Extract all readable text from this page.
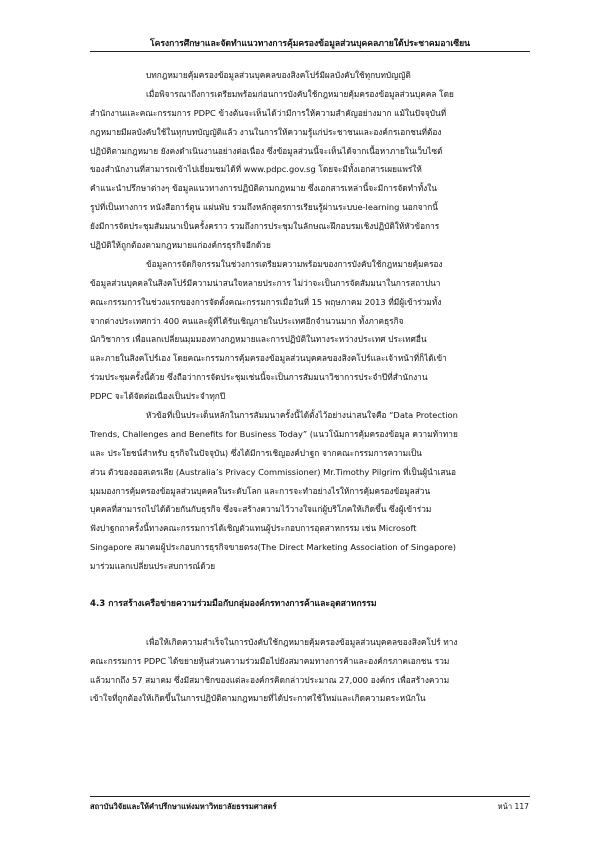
โครงการศึกษาและจัดทำแนวทางการคุ้มครองข้อมูลส่วนบุคคลภายใต้ประชาคมอาเซียน
บทกฎหมายคุ้มครองข้อมูลส่วนบุคคลของสิงคโปร์มีผลบังคับใช้ทุกบทบัญญัติ
เมื่อพิจารณาถึงการเตรียมพร้อมก่อนการบังคับใช้กฎหมายคุ้มครองข้อมูลส่วนบุคคล โดย
สำนักงานและคณะกรรมการ PDPC ข้างต้นจะเห็นได้ว่ามีการให้ความสำคัญอย่างมาก แม้ในปัจจุบันที่
กฎหมายมีผลบังคับใช้ในทุกบทบัญญัติแล้ว งานในการให้ความรู้แก่ประชาชนและองค์กรเอกชนที่ต้อง
ปฏิบัติตามกฎหมาย ยังคงดำเนินงานอย่างต่อเนื่อง ซึ่งข้อมูลส่วนนี้จะเห็นได้จากเนื้อหาภายในเว็บไซต์
ของสำนักงานที่สามารถเข้าไปเยี่ยมชมได้ที่ www.pdpc.gov.sg โดยจะมีทั้งเอกสารเผยแพร่ให้
คำแนะนำปรึกษาต่างๆ ข้อมูลแนวทางการปฏิบัติตามกฎหมาย ซึ่งเอกสารเหล่านี้จะมีการจัดทำทั้งใน
รูปที่เป็นทางการ หนังสือการ์ตูน แผ่นพับ รวมถึงหลักสูตรการเรียนรู้ผ่านระบบe-learning นอกจากนี้
ยังมีการจัดประชุมสัมมนาเป็นครั้งคราว รวมถึงการประชุมในลักษณะฝึกอบรมเชิงปฏิบัติให้หัวข้อการ
ปฏิบัติให้ถูกต้องตามกฎหมายแก่องค์กรธุรกิจอีกด้วย
ข้อมูลการจัดกิจกรรมในช่วงการเตรียมความพร้อมของการบังคับใช้กฎหมายคุ้มครอง
ข้อมูลส่วนบุคคลในสิงคโปร์มีความน่าสนใจหลายประการ ไม่ว่าจะเป็นการจัดสัมมนาในการสถาปนา
คณะกรรมการในช่วงแรกของการจัดตั้งคณะกรรมการเมื่อวันที่ 15 พฤษภาคม 2013 ที่มีผู้เข้าร่วมทั้ง
จากต่างประเทศกว่า 400 คนและผู้ที่ได้รับเชิญภายในประเทศอีกจำนวนมาก ทั้งภาคธุรกิจ
นักวิชาการ เพื่อแลกเปลี่ยนมุมมองทางกฎหมายและการปฏิบัติในทางระหว่างประเทศ ประเทศอื่น
และภายในสิงคโปร์เอง โดยคณะกรรมการคุ้มครองข้อมูลส่วนบุคคลของสิงคโปร์และเจ้าหน้าที่ก็ได้เข้า
ร่วมประชุมครั้งนี้ด้วย ซึ่งถือว่าการจัดประชุมเช่นนี้จะเป็นการสัมมนาวิชาการประจำปีที่สำนักงาน
PDPC จะได้จัดต่อเนื่องเป็นประจำทุกปี
หัวข้อที่เป็นประเด็นหลักในการสัมมนาครั้งนี้ได้ตั้งไว้อย่างน่าสนใจคือ “Data Protection
Trends, Challenges and Benefits for Business Today” (แนวโน้มการคุ้มครองข้อมูล ความท้าทาย
และ ประโยชน์สำหรับ ธุรกิจในปัจจุบัน) ซึ่งได้มีการเชิญองค์ปาฐก จากคณะกรรมการความเป็น
ส่วน ตัวของออสเตรเลีย (Australia’s Privacy Commissioner) Mr.Timothy Pilgrim ที่เป็นผู้นำเสนอ
มุมมองการคุ้มครองข้อมูลส่วนบุคคลในระดับโลก และการจะทำอย่างไรให้การคุ้มครองข้อมูลส่วน
บุคคลที่สามารถไปได้ด้วยกันกับธุรกิจ ซึ่งจะสร้างความไว้วางใจแก่ผู้บริโภคให้เกิดขึ้น ซึ่งผู้เข้าร่วม
ฟังปาฐกถาครั้งนี้ทางคณะกรรมการได้เชิญตัวแทนผู้ประกอบการอุตสาหกรรม เช่น Microsoft
Singapore สมาคมผู้ประกอบการธุรกิจขายตรง(The Direct Marketing Association of Singapore)
มาร่วมแลกเปลี่ยนประสบการณ์ด้วย
4.3 การสร้างเครือข่ายความร่วมมือกับกลุ่มองค์กรทางการค้าและอุตสาหกรรม
เพื่อให้เกิดความสำเร็จในการบังคับใช้กฎหมายคุ้มครองข้อมูลส่วนบุคคลของสิงคโปร์ ทาง
คณะกรรมการ PDPC ได้ขยายหุ้นส่วนความร่วมมือไปยังสมาคมทางการค้าและองค์กรภาคเอกชน รวม
แล้วมากถึง 57 สมาคม ซึ่งมีสมาชิกของแต่ละองค์กรคิดกล่าวประมาณ 27,000 องค์กร เพื่อสร้างความ
เข้าใจที่ถูกต้องให้เกิดขึ้นในการปฏิบัติตามกฎหมายที่ได้ประกาศใช้ใหม่และเกิดความตระหนักใน
สถาบันวิจัยและให้คำปรึกษาแห่งมหาวิทยาลัยธรรมศาสตร์	หน้า 117
